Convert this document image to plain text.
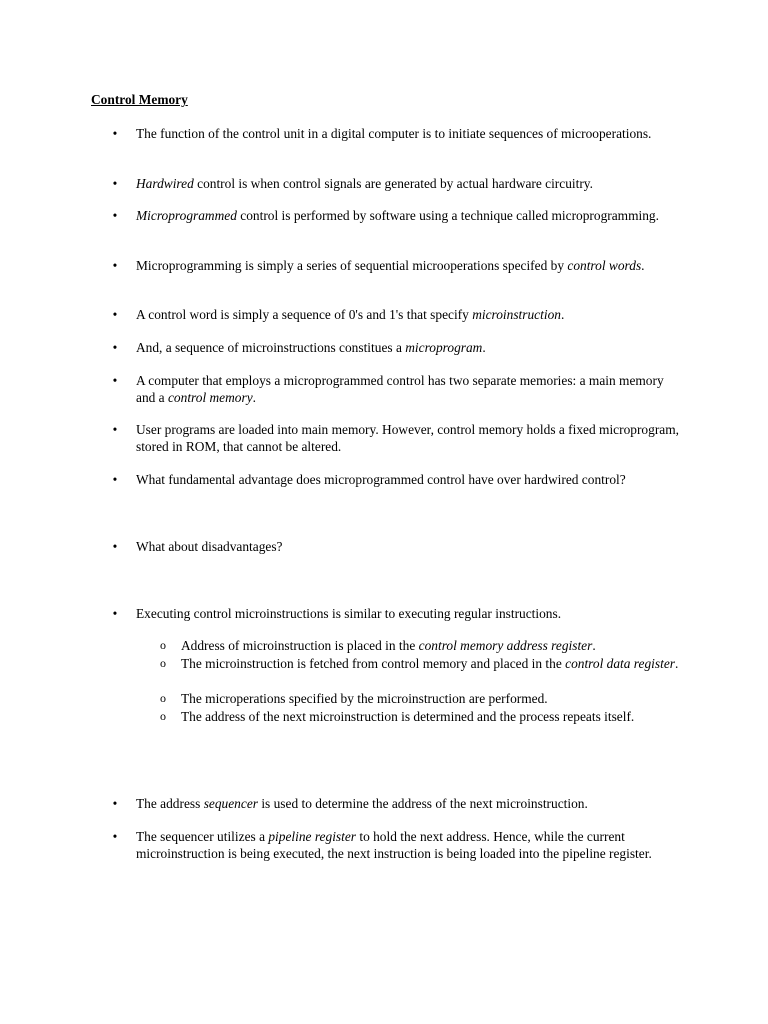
Control Memory

• The function of the control unit in a digital computer is to initiate sequences of microoperations.

• Hardwired control is when control signals are generated by actual hardware circuitry.

• Microprogrammed control is performed by software using a technique called microprogramming.

• Microprogramming is simply a series of sequential microoperations specifed by control words.

• A control word is simply a sequence of 0's and 1's that specify microinstruction.

• And, a sequence of microinstructions constitues a microprogram.

• A computer that employs a microprogrammed control has two separate memories: a main memory and a control memory.

• User programs are loaded into main memory. However, control memory holds a fixed microprogram, stored in ROM, that cannot be altered.

• What fundamental advantage does microprogrammed control have over hardwired control?

• What about disadvantages?

• Executing control microinstructions is similar to executing regular instructions.

o Address of microinstruction is placed in the control memory address register.

o The microinstruction is fetched from control memory and placed in the control data register.

o The microperations specified by the microinstruction are performed.

o The address of the next microinstruction is determined and the process repeats itself.

• The address sequencer is used to determine the address of the next microinstruction.

• The sequencer utilizes a pipeline register to hold the next address. Hence, while the current microinstruction is being executed, the next instruction is being loaded into the pipeline register.
